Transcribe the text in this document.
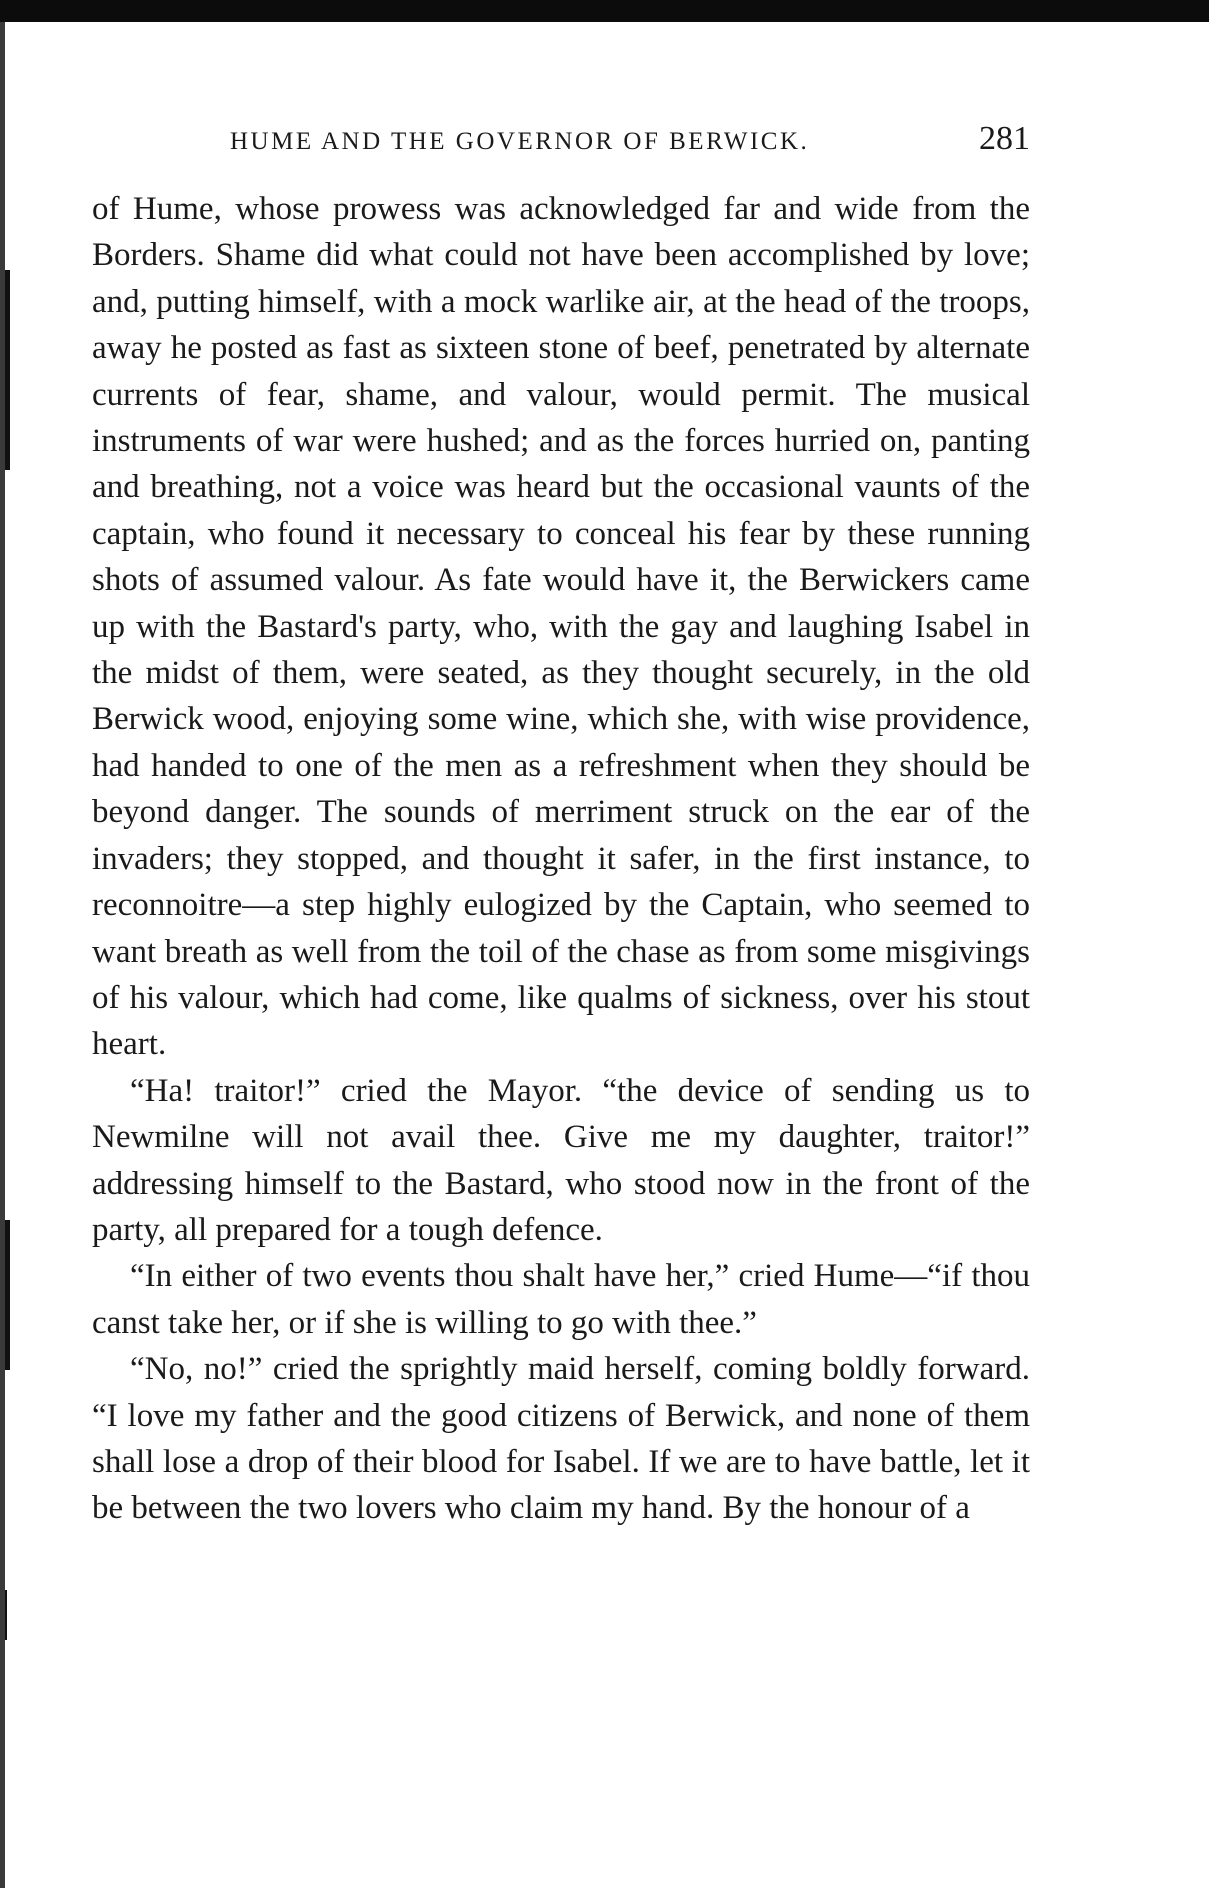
HUME AND THE GOVERNOR OF BERWICK.	281

of Hume, whose prowess was acknowledged far and wide from the Borders. Shame did what could not have been accomplished by love; and, putting himself, with a mock warlike air, at the head of the troops, away he posted as fast as sixteen stone of beef, penetrated by alternate currents of fear, shame, and valour, would permit. The musical instruments of war were hushed; and as the forces hurried on, panting and breathing, not a voice was heard but the occasional vaunts of the captain, who found it necessary to conceal his fear by these running shots of assumed valour. As fate would have it, the Berwickers came up with the Bastard's party, who, with the gay and laughing Isabel in the midst of them, were seated, as they thought securely, in the old Berwick wood, enjoying some wine, which she, with wise providence, had handed to one of the men as a refreshment when they should be beyond danger. The sounds of merriment struck on the ear of the invaders; they stopped, and thought it safer, in the first instance, to reconnoitre—a step highly eulogized by the Captain, who seemed to want breath as well from the toil of the chase as from some misgivings of his valour, which had come, like qualms of sickness, over his stout heart.

“Ha! traitor!” cried the Mayor. “the device of sending us to Newmilne will not avail thee. Give me my daughter, traitor!” addressing himself to the Bastard, who stood now in the front of the party, all prepared for a tough defence.

“In either of two events thou shalt have her,” cried Hume—“if thou canst take her, or if she is willing to go with thee.”

“No, no!” cried the sprightly maid herself, coming boldly forward. “I love my father and the good citizens of Berwick, and none of them shall lose a drop of their blood for Isabel. If we are to have battle, let it be between the two lovers who claim my hand. By the honour of a
